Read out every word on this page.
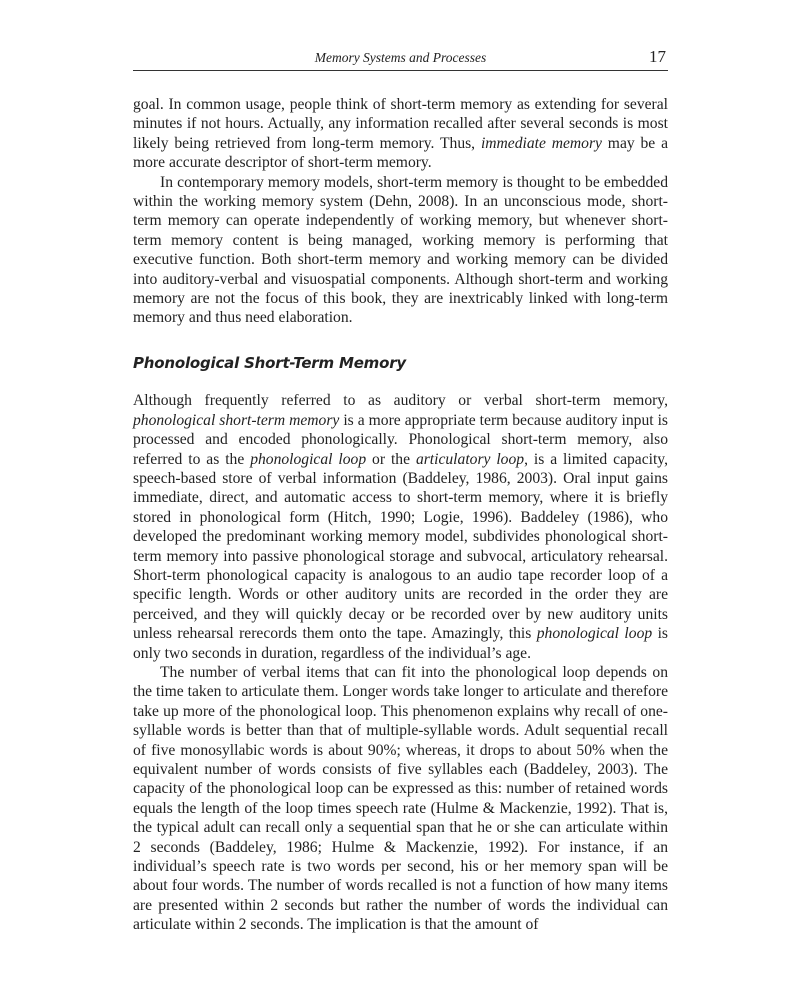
Memory Systems and Processes	17

goal. In common usage, people think of short-term memory as extending for several minutes if not hours. Actually, any information recalled after several seconds is most likely being retrieved from long-term memory. Thus, immediate memory may be a more accurate descriptor of short-term memory.

In contemporary memory models, short-term memory is thought to be embedded within the working memory system (Dehn, 2008). In an unconscious mode, short-term memory can operate independently of working memory, but whenever short-term memory content is being managed, working memory is performing that executive function. Both short-term memory and working memory can be divided into auditory-verbal and visuospatial components. Although short-term and working memory are not the focus of this book, they are inextricably linked with long-term memory and thus need elaboration.

Phonological Short-Term Memory

Although frequently referred to as auditory or verbal short-term memory, phonological short-term memory is a more appropriate term because auditory input is processed and encoded phonologically. Phonological short-term memory, also referred to as the phonological loop or the articulatory loop, is a limited capacity, speech-based store of verbal information (Baddeley, 1986, 2003). Oral input gains immediate, direct, and automatic access to short-term memory, where it is briefly stored in phonological form (Hitch, 1990; Logie, 1996). Baddeley (1986), who developed the predominant working memory model, subdivides phonological short-term memory into passive phonological storage and subvocal, articulatory rehearsal. Short-term phonological capacity is analogous to an audio tape recorder loop of a specific length. Words or other auditory units are recorded in the order they are perceived, and they will quickly decay or be recorded over by new auditory units unless rehearsal rerecords them onto the tape. Amazingly, this phonological loop is only two seconds in duration, regardless of the individual’s age.

The number of verbal items that can fit into the phonological loop depends on the time taken to articulate them. Longer words take longer to articulate and therefore take up more of the phonological loop. This phenomenon explains why recall of one-syllable words is better than that of multiple-syllable words. Adult sequential recall of five monosyllabic words is about 90%; whereas, it drops to about 50% when the equivalent number of words consists of five syllables each (Baddeley, 2003). The capacity of the phonological loop can be expressed as this: number of retained words equals the length of the loop times speech rate (Hulme & Mackenzie, 1992). That is, the typical adult can recall only a sequential span that he or she can articulate within 2 seconds (Baddeley, 1986; Hulme & Mackenzie, 1992). For instance, if an individual’s speech rate is two words per second, his or her memory span will be about four words. The number of words recalled is not a function of how many items are presented within 2 seconds but rather the number of words the individual can articulate within 2 seconds. The implication is that the amount of
